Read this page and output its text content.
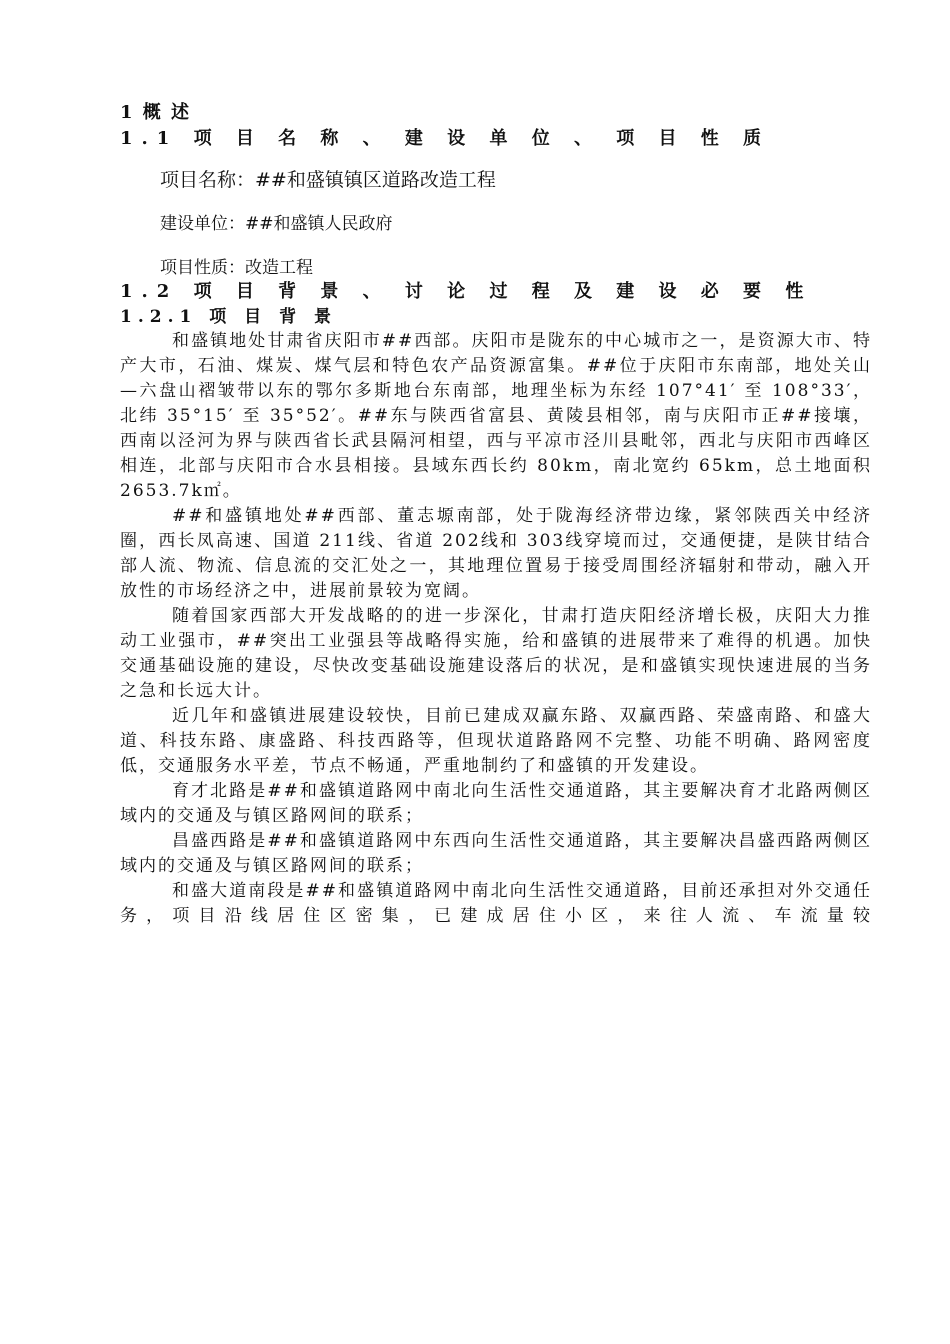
1 概 述

1.1 项 目 名 称 、 建 设 单 位 、 项 目 性 质

项目名称：##和盛镇镇区道路改造工程

建设单位：##和盛镇人民政府

项目性质：改造工程

1.2 项 目 背 景 、 讨 论 过 程 及 建 设 必 要 性

1.2.1 项 目 背 景

和盛镇地处甘肃省庆阳市##西部。庆阳市是陇东的中心城市之一，是资源大市、特产大市，石油、煤炭、煤气层和特色农产品资源富集。##位于庆阳市东南部，地处关山—六盘山褶皱带以东的鄂尔多斯地台东南部，地理坐标为东经 107°41′ 至 108°33′，北纬 35°15′ 至 35°52′。##东与陕西省富县、黄陵县相邻，南与庆阳市正##接壤，西南以泾河为界与陕西省长武县隔河相望，西与平凉市泾川县毗邻，西北与庆阳市西峰区相连，北部与庆阳市合水县相接。县域东西长约 80km，南北宽约 65km，总土地面积 2653.7k㎡。

##和盛镇地处##西部、董志塬南部，处于陇海经济带边缘，紧邻陕西关中经济圈，西长凤高速、国道 211线、省道 202线和 303线穿境而过，交通便捷，是陕甘结合部人流、物流、信息流的交汇处之一，其地理位置易于接受周围经济辐射和带动，融入开放性的市场经济之中，进展前景较为宽阔。

随着国家西部大开发战略的的进一步深化，甘肃打造庆阳经济增长极，庆阳大力推动工业强市，##突出工业强县等战略得实施，给和盛镇的进展带来了难得的机遇。加快交通基础设施的建设，尽快改变基础设施建设落后的状况，是和盛镇实现快速进展的当务之急和长远大计。

近几年和盛镇进展建设较快，目前已建成双赢东路、双赢西路、荣盛南路、和盛大道、科技东路、康盛路、科技西路等，但现状道路路网不完整、功能不明确、路网密度低，交通服务水平差，节点不畅通，严重地制约了和盛镇的开发建设。

育才北路是##和盛镇道路网中南北向生活性交通道路，其主要解决育才北路两侧区域内的交通及与镇区路网间的联系；

昌盛西路是##和盛镇道路网中东西向生活性交通道路，其主要解决昌盛西路两侧区域内的交通及与镇区路网间的联系；

和盛大道南段是##和盛镇道路网中南北向生活性交通道路，目前还承担对外交通任务，项目沿线居住区密集，已建成居住小区，来往人流、车流量较
